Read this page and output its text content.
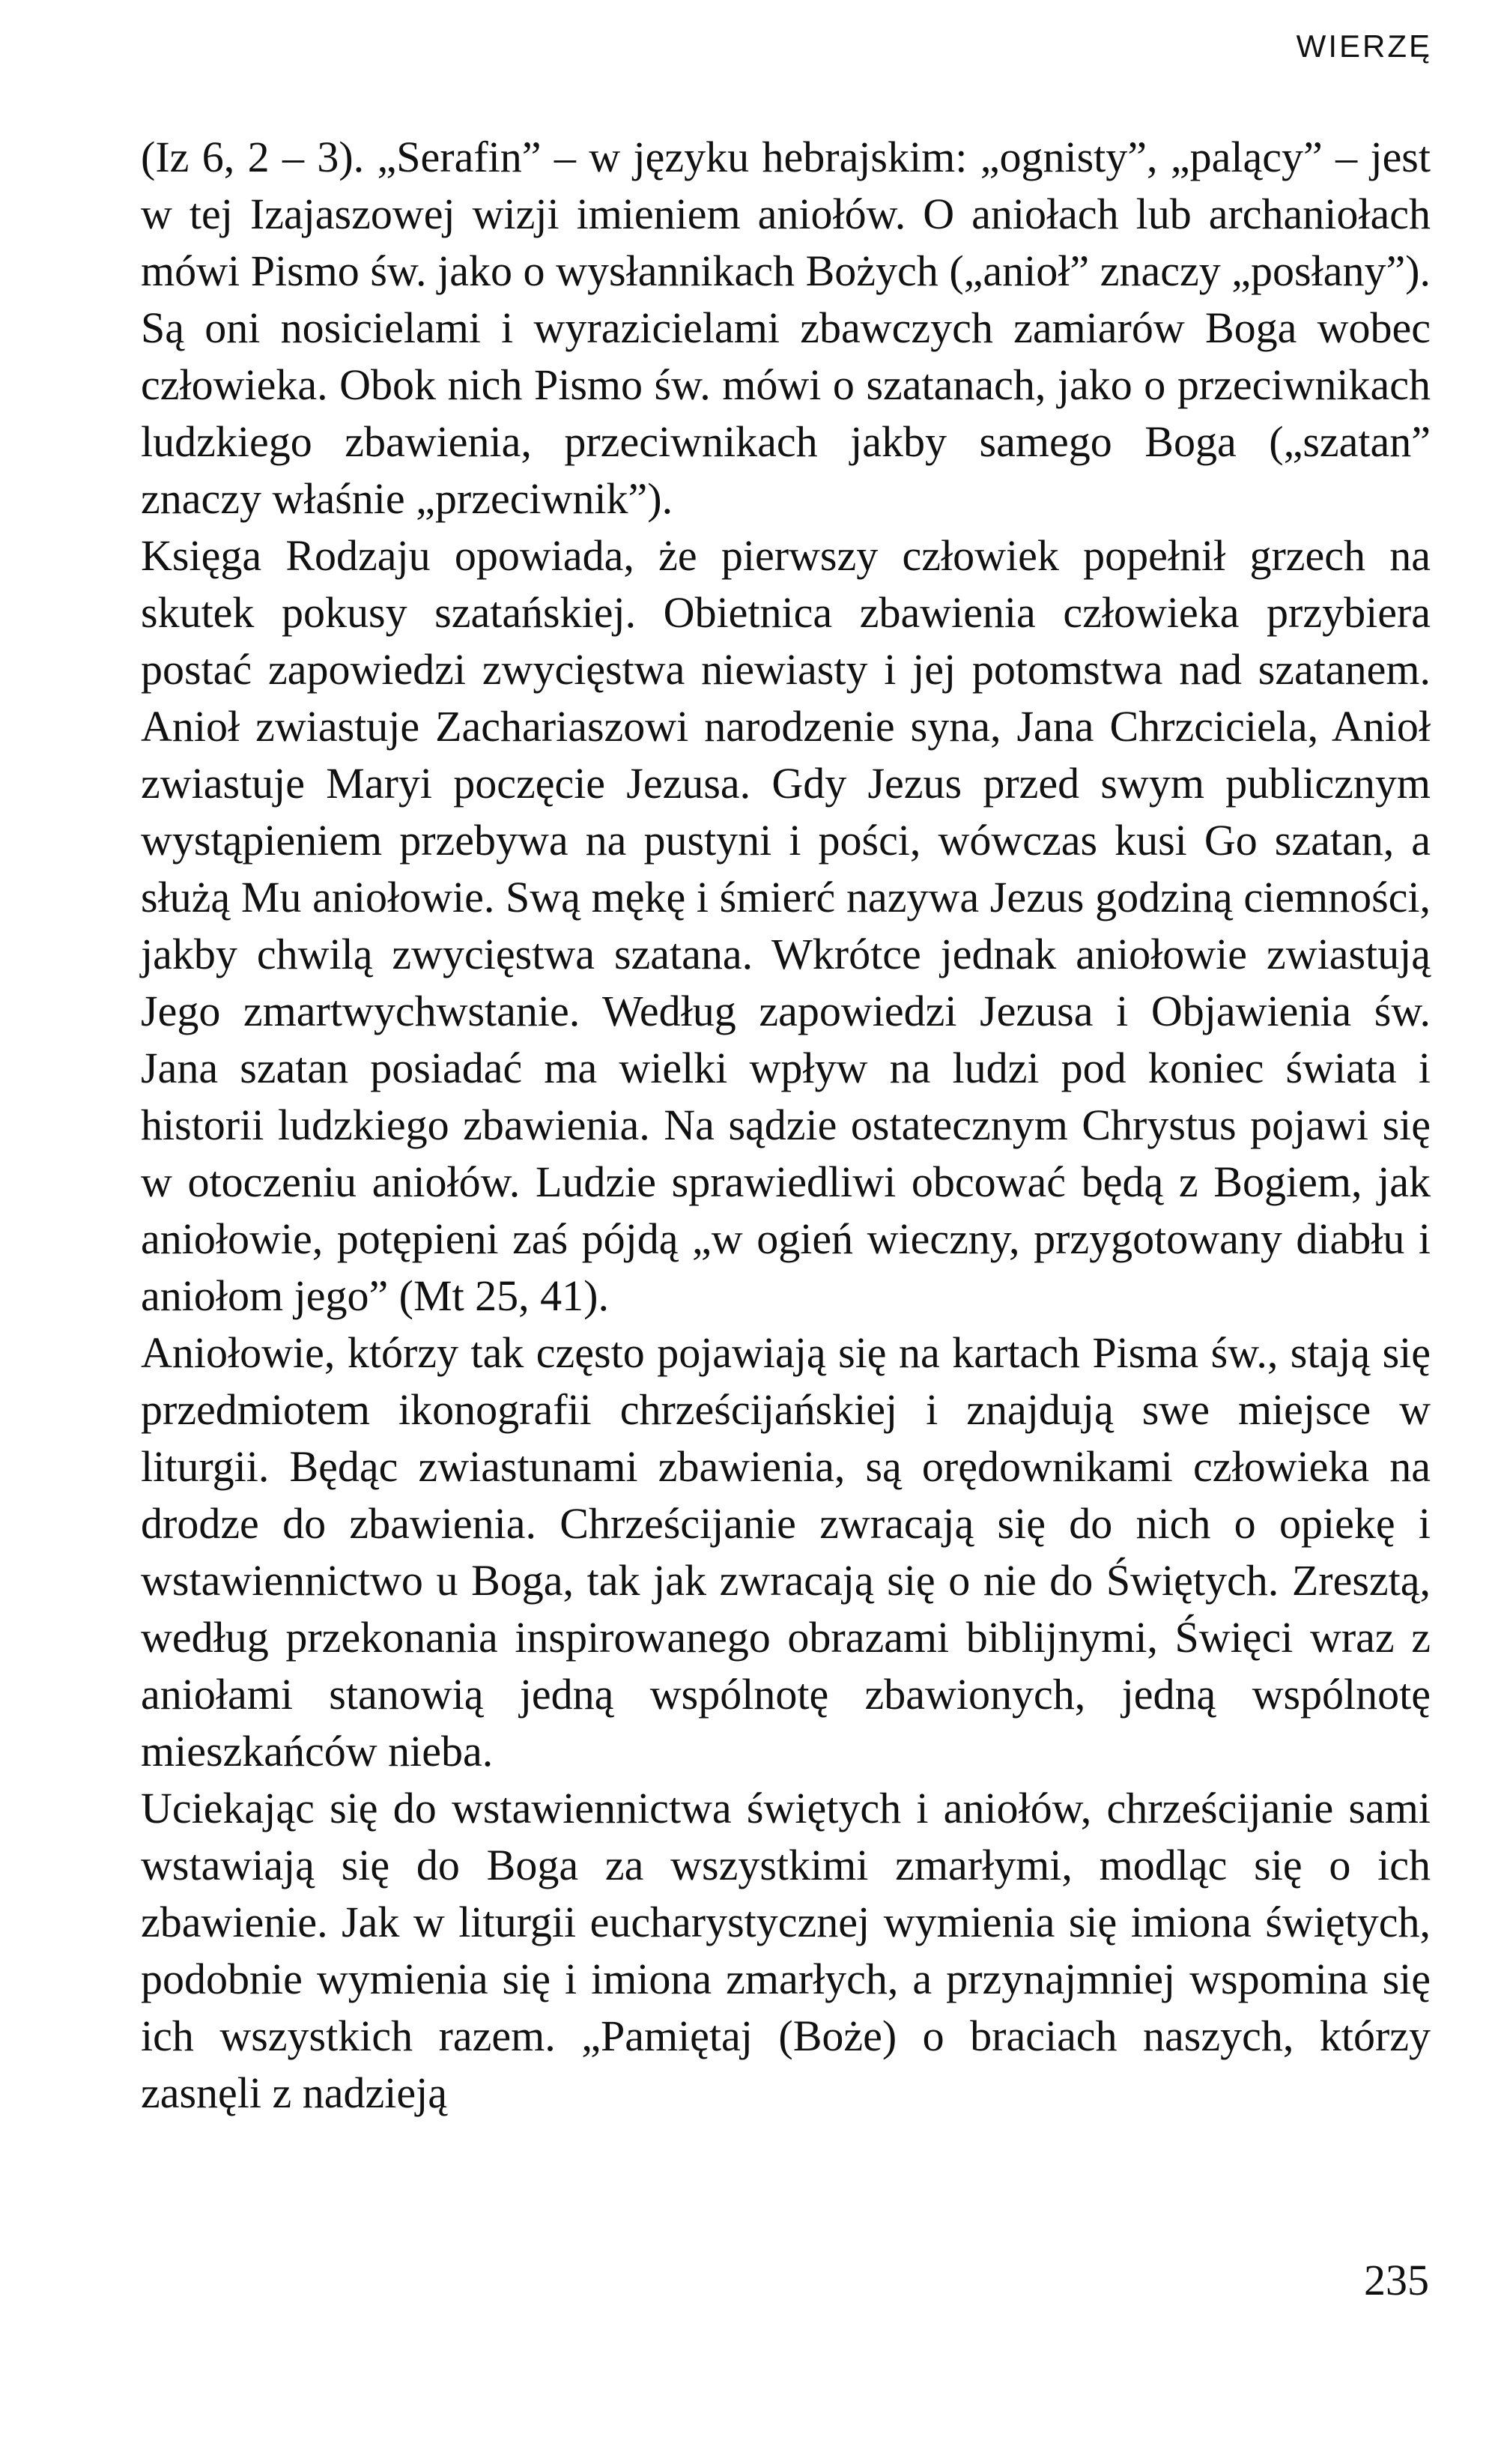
WIERZĘ

(Iz 6, 2 – 3). „Serafin” – w języku hebrajskim: „ognisty”, „palący” – jest w tej Izajaszowej wizji imieniem aniołów. O aniołach lub archaniołach mówi Pismo św. jako o wysłannikach Bożych („anioł” znaczy „posłany”). Są oni nosicielami i wyrazicielami zbawczych zamiarów Boga wobec człowieka. Obok nich Pismo św. mówi o szatanach, jako o przeciwnikach ludzkiego zbawienia, przeciwnikach jakby samego Boga („szatan” znaczy właśnie „przeciwnik”).

Księga Rodzaju opowiada, że pierwszy człowiek popełnił grzech na skutek pokusy szatańskiej. Obietnica zbawienia człowieka przybiera postać zapowiedzi zwycięstwa niewiasty i jej potomstwa nad szatanem. Anioł zwiastuje Zachariaszowi narodzenie syna, Jana Chrzciciela, Anioł zwiastuje Maryi poczęcie Jezusa. Gdy Jezus przed swym publicznym wystąpieniem przebywa na pustyni i pości, wówczas kusi Go szatan, a służą Mu aniołowie. Swą mękę i śmierć nazywa Jezus godziną ciemności, jakby chwilą zwycięstwa szatana. Wkrótce jednak aniołowie zwiastują Jego zmartwychwstanie. Według zapowiedzi Jezusa i Objawienia św. Jana szatan posiadać ma wielki wpływ na ludzi pod koniec świata i historii ludzkiego zbawienia. Na sądzie ostatecznym Chrystus pojawi się w otoczeniu aniołów. Ludzie sprawiedliwi obcować będą z Bogiem, jak aniołowie, potępieni zaś pójdą „w ogień wieczny, przygotowany diabłu i aniołom jego” (Mt 25, 41).

Aniołowie, którzy tak często pojawiają się na kartach Pisma św., stają się przedmiotem ikonografii chrześcijańskiej i znajdują swe miejsce w liturgii. Będąc zwiastunami zbawienia, są orędownikami człowieka na drodze do zbawienia. Chrześcijanie zwracają się do nich o opiekę i wstawiennictwo u Boga, tak jak zwracają się o nie do Świętych. Zresztą, według przekonania inspirowanego obrazami biblijnymi, Święci wraz z aniołami stanowią jedną wspólnotę zbawionych, jedną wspólnotę mieszkańców nieba.

Uciekając się do wstawiennictwa świętych i aniołów, chrześcijanie sami wstawiają się do Boga za wszystkimi zmarłymi, modląc się o ich zbawienie. Jak w liturgii eucharystycznej wymienia się imiona świętych, podobnie wymienia się i imiona zmarłych, a przynajmniej wspomina się ich wszystkich razem. „Pamiętaj (Boże) o braciach naszych, którzy zasnęli z nadzieją

235
